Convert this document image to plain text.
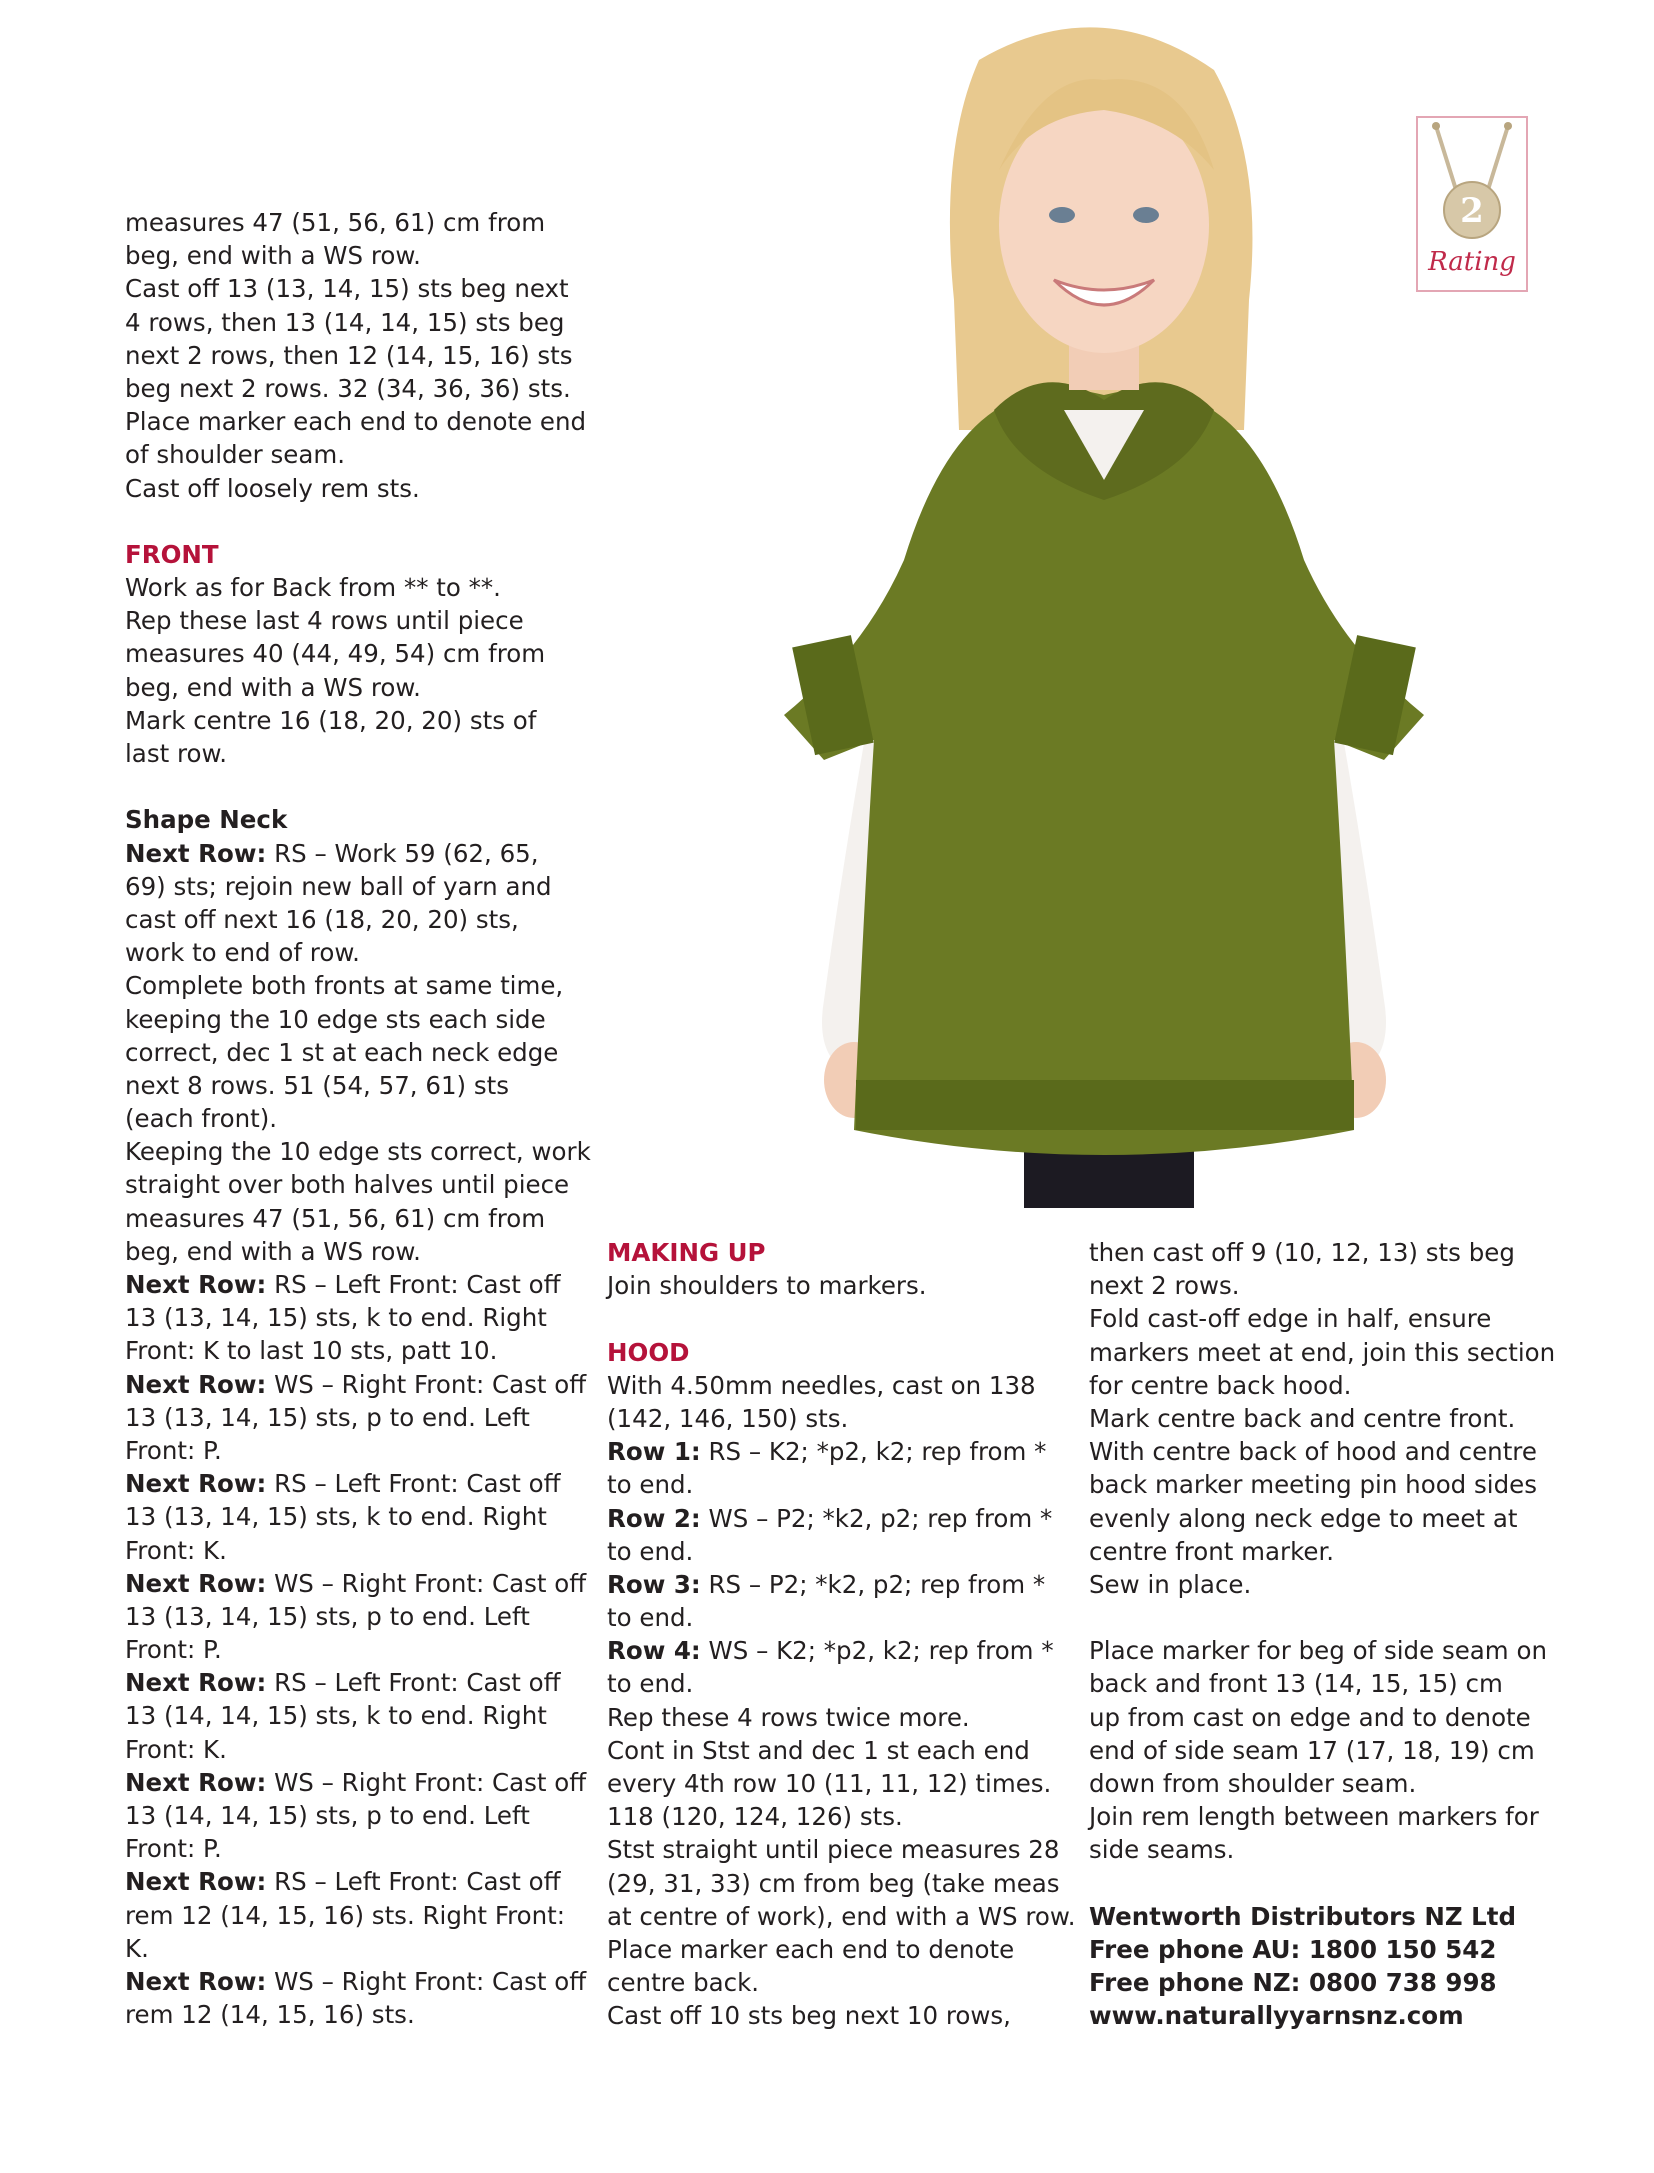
2
Rating
measures 47 (51, 56, 61) cm from
beg, end with a WS row.
Cast off 13 (13, 14, 15) sts beg next
4 rows, then 13 (14, 14, 15) sts beg
next 2 rows, then 12 (14, 15, 16) sts
beg next 2 rows. 32 (34, 36, 36) sts.
Place marker each end to denote end
of shoulder seam.
Cast off loosely rem sts.
FRONT
Work as for Back from ** to **.
Rep these last 4 rows until piece
measures 40 (44, 49, 54) cm from
beg, end with a WS row.
Mark centre 16 (18, 20, 20) sts of
last row.
Shape Neck
Next Row: RS – Work 59 (62, 65,
69) sts; rejoin new ball of yarn and
cast off next 16 (18, 20, 20) sts,
work to end of row.
Complete both fronts at same time,
keeping the 10 edge sts each side
correct, dec 1 st at each neck edge
next 8 rows. 51 (54, 57, 61) sts
(each front).
Keeping the 10 edge sts correct, work
straight over both halves until piece
measures 47 (51, 56, 61) cm from
beg, end with a WS row.
Next Row: RS – Left Front: Cast off
13 (13, 14, 15) sts, k to end. Right
Front: K to last 10 sts, patt 10.
Next Row: WS – Right Front: Cast off
13 (13, 14, 15) sts, p to end. Left
Front: P.
Next Row: RS – Left Front: Cast off
13 (13, 14, 15) sts, k to end. Right
Front: K.
Next Row: WS – Right Front: Cast off
13 (13, 14, 15) sts, p to end. Left
Front: P.
Next Row: RS – Left Front: Cast off
13 (14, 14, 15) sts, k to end. Right
Front: K.
Next Row: WS – Right Front: Cast off
13 (14, 14, 15) sts, p to end. Left
Front: P.
Next Row: RS – Left Front: Cast off
rem 12 (14, 15, 16) sts. Right Front:
K.
Next Row: WS – Right Front: Cast off
rem 12 (14, 15, 16) sts.
MAKING UP
Join shoulders to markers.
HOOD
With 4.50mm needles, cast on 138
(142, 146, 150) sts.
Row 1: RS – K2; *p2, k2; rep from *
to end.
Row 2: WS – P2; *k2, p2; rep from *
to end.
Row 3: RS – P2; *k2, p2; rep from *
to end.
Row 4: WS – K2; *p2, k2; rep from *
to end.
Rep these 4 rows twice more.
Cont in Stst and dec 1 st each end
every 4th row 10 (11, 11, 12) times.
118 (120, 124, 126) sts.
Stst straight until piece measures 28
(29, 31, 33) cm from beg (take meas
at centre of work), end with a WS row.
Place marker each end to denote
centre back.
Cast off 10 sts beg next 10 rows,
then cast off 9 (10, 12, 13) sts beg
next 2 rows.
Fold cast-off edge in half, ensure
markers meet at end, join this section
for centre back hood.
Mark centre back and centre front.
With centre back of hood and centre
back marker meeting pin hood sides
evenly along neck edge to meet at
centre front marker.
Sew in place.
Place marker for beg of side seam on
back and front 13 (14, 15, 15) cm
up from cast on edge and to denote
end of side seam 17 (17, 18, 19) cm
down from shoulder seam.
Join rem length between markers for
side seams.
Wentworth Distributors NZ Ltd
Free phone AU: 1800 150 542
Free phone NZ: 0800 738 998
www.naturallyyarnsnz.com
